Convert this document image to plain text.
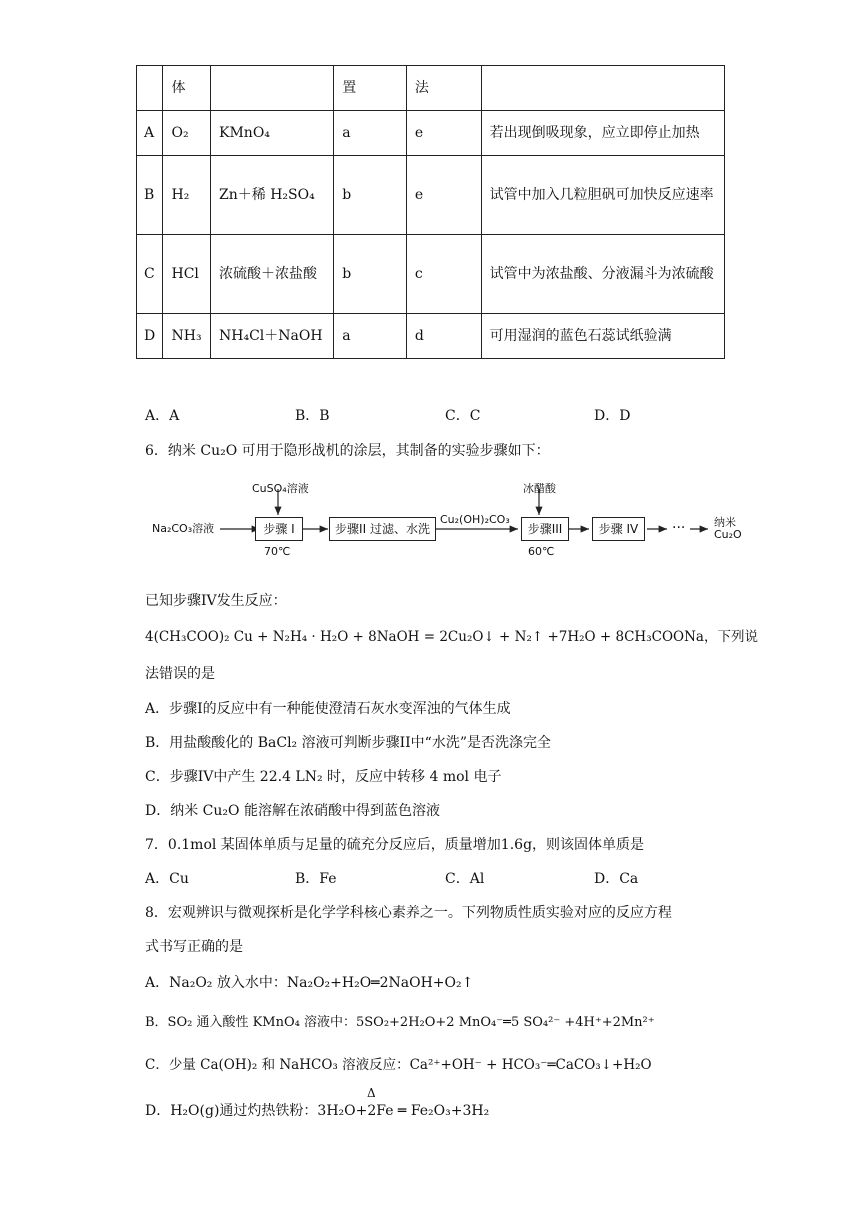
	体		置	法	
A	O₂	KMnO₄	a	e	若出现倒吸现象，应立即停止加热
B	H₂	Zn＋稀 H₂SO₄	b	e	试管中加入几粒胆矾可加快反应速率
C	HCl	浓硫酸＋浓盐酸	b	c	试管中为浓盐酸、分液漏斗为浓硫酸
D	NH₃	NH₄Cl＋NaOH	a	d	可用湿润的蓝色石蕊试纸验满
A．A	B．B	C．C	D．D
6．纳米 Cu₂O 可用于隐形战机的涂层，其制备的实验步骤如下：
Na₂CO₃溶液
CuSO₄溶液
步骤 I
70℃
步骤II 过滤、水洗
Cu₂(OH)₂CO₃
冰醋酸
步骤III
60℃
步骤 IV	···	纳米
Cu₂O
已知步骤IV发生反应：
4(CH₃COO)₂ Cu + N₂H₄ · H₂O + 8NaOH = 2Cu₂O↓ + N₂↑ +7H₂O + 8CH₃COONa，下列说
法错误的是
A．步骤I的反应中有一种能使澄清石灰水变浑浊的气体生成
B．用盐酸酸化的 BaCl₂ 溶液可判断步骤II中“水洗”是否洗涤完全
C．步骤IV中产生 22.4 LN₂ 时，反应中转移 4 mol 电子
D．纳米 Cu₂O 能溶解在浓硝酸中得到蓝色溶液
7．0.1mol 某固体单质与足量的硫充分反应后，质量增加1.6g，则该固体单质是
A．Cu	B．Fe	C．Al	D．Ca
8．宏观辨识与微观探析是化学学科核心素养之一。下列物质性质实验对应的反应方程
式书写正确的是
A．Na₂O₂ 放入水中：Na₂O₂+H₂O═2NaOH+O₂↑
B．SO₂ 通入酸性 KMnO₄ 溶液中：5SO₂+2H₂O+2 MnO₄⁻═5 SO₄²⁻ +4H⁺+2Mn²⁺
C．少量 Ca(OH)₂ 和 NaHCO₃ 溶液反应：Ca²⁺+OH⁻ + HCO₃⁻═CaCO₃↓+H₂O
D．H₂O(g)通过灼热铁粉：3H₂O+2Fe ═ Fe₂O₃+3H₂
Δ
